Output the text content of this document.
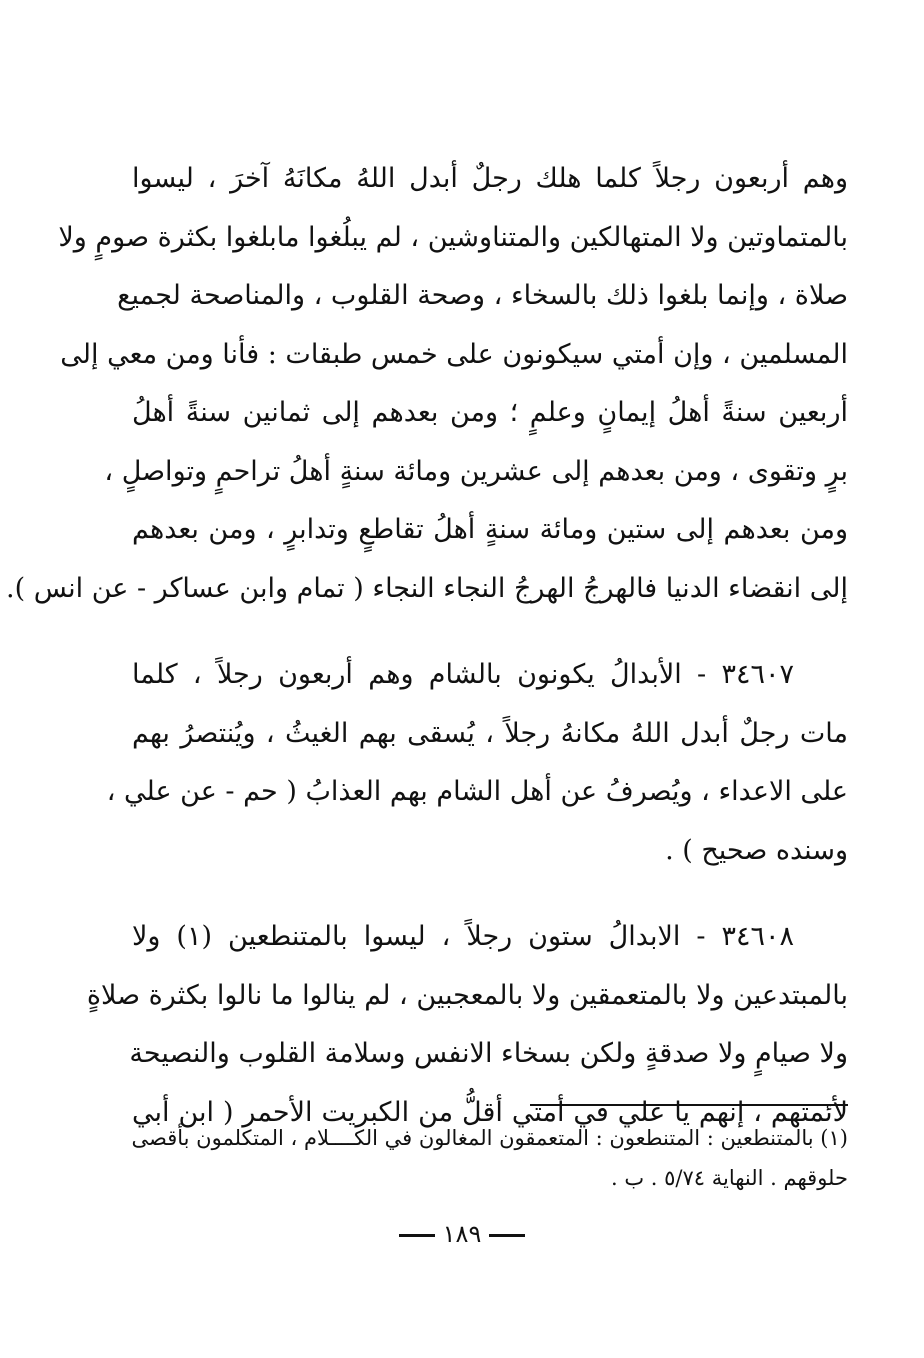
وهم أربعون رجلاً كلما هلك رجلٌ أبدل اللهُ مكانَهُ آخرَ ، ليسوا
بالمتماوتين ولا المتهالكين والمتناوشين ، لم يبلُغوا مابلغوا بكثرة صومٍ ولا
صلاة ، وإنما بلغوا ذلك بالسخاء ، وصحة القلوب ، والمناصحة لجميع
المسلمين ، وإن أمتي سيكونون على خمس طبقات : فأنا ومن معي إلى
أربعين سنةً أهلُ إيمانٍ وعلمٍ ؛ ومن بعدهم إلى ثمانين سنةً أهلُ
برٍ وتقوى ، ومن بعدهم إلى عشرين ومائة سنةٍ أهلُ تراحمٍ وتواصلٍ ،
ومن بعدهم إلى ستين ومائة سنةٍ أهلُ تقاطعٍ وتدابرٍ ، ومن بعدهم
إلى انقضاء الدنيا فالهرجُ الهرجُ النجاء النجاء ( تمام وابن عساكر - عن انس ).
٣٤٦٠٧ - الأبدالُ يكونون بالشام وهم أربعون رجلاً ، كلما
مات رجلٌ أبدل اللهُ مكانهُ رجلاً ، يُسقى بهم الغيثُ ، ويُنتصرُ بهم
على الاعداء ، ويُصرفُ عن أهل الشام بهم العذابُ ( حم - عن علي ،
وسنده صحيح ) .
٣٤٦٠٨ - الابدالُ ستون رجلاً ، ليسوا بالمتنطعين (١) ولا
بالمبتدعين ولا بالمتعمقين ولا بالمعجبين ، لم ينالوا ما نالوا بكثرة صلاةٍ
ولا صيامٍ ولا صدقةٍ ولكن بسخاء الانفس وسلامة القلوب والنصيحة
لأئمتهم ، إنهم يا علي في أمتي أقلُّ من الكبريت الأحمر ( ابن أبي
(١) بالمتنطعين : المتنطعون : المتعمقون المغالون في الكــــلام ، المتكلمون بأقصى
حلوقهم . النهاية ٥/٧٤ . ب .
١٨٩
